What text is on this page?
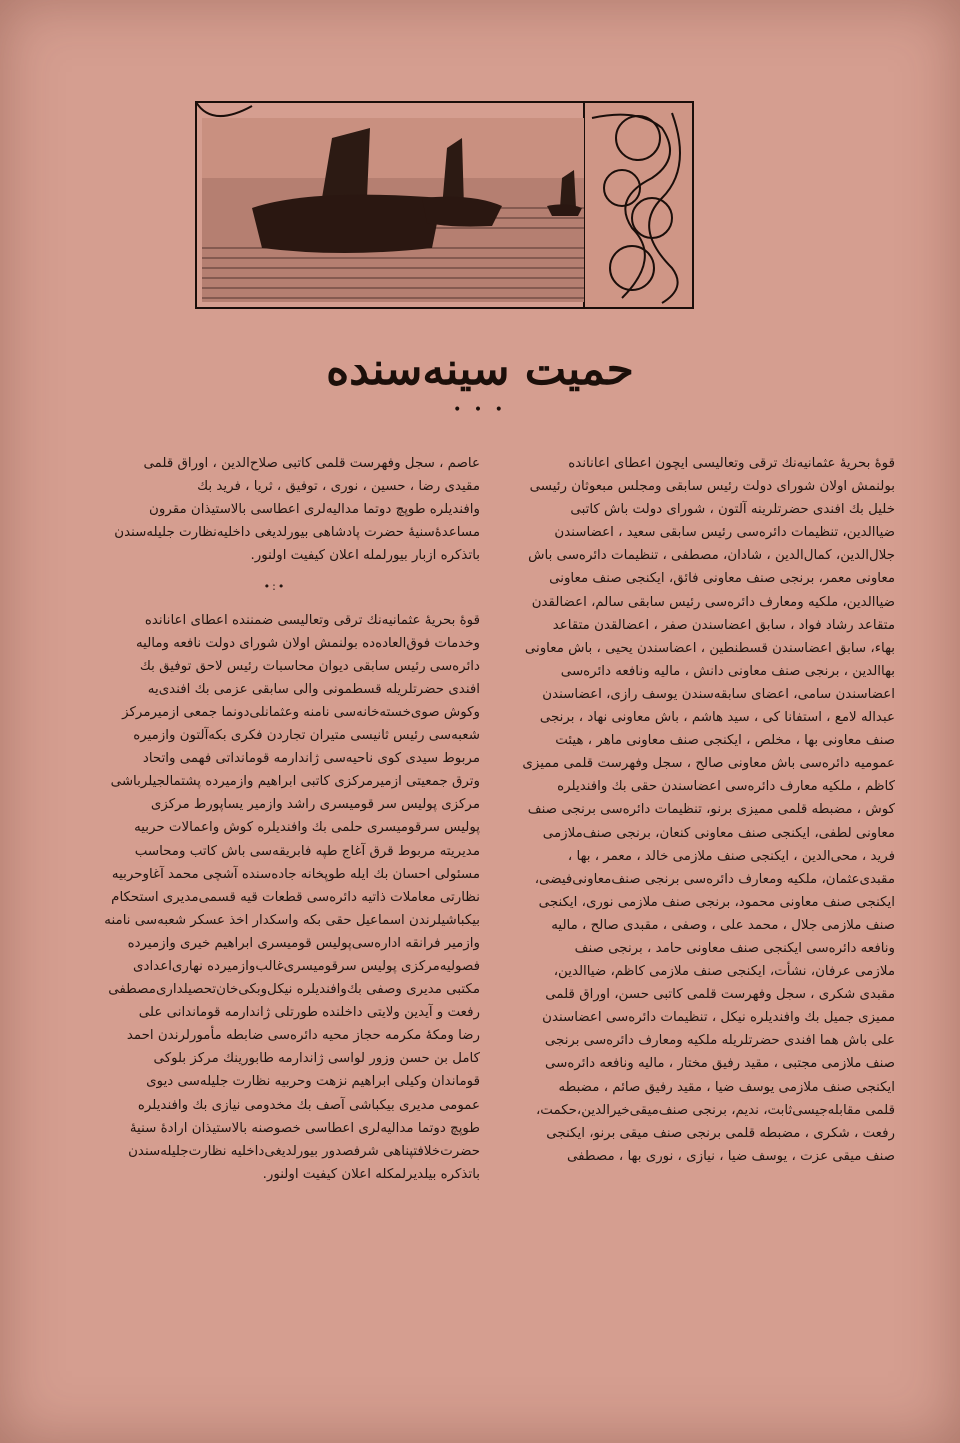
حمیت سینه‌سنده
• • •

قوهٔ بحریهٔ عثمانیه‌نك ترقی وتعالیسی ایچون اعطای اعانانده

بولنمش اولان شورای دولت رئیس سابقی ومجلس مبعوثان رئیسی

خلیل بك افندی حضرتلرینه آلتون ، شورای دولت باش كاتبی

ضیاالدین، تنظیمات دائره‌سی رئیس سابقی سعید ، اعضاسندن

جلال‌الدین، كمال‌الدین ، شادان، مصطفی ، تنظیمات دائره‌سی باش

معاونی معمر، برنجی صنف معاونی فائق، ایكنجی صنف معاونی

ضیاالدین، ملكیه ومعارف دائره‌سی رئیس سابقی سالم، اعضالقدن

متقاعد رشاد فواد ، سابق اعضاسندن صفر ، اعضالقدن متقاعد

بهاء، سابق اعضاسندن قسطنطین ، اعضاسندن یحیی ، باش معاونی

بهاالدین ، برنجی صنف معاونی دانش ، مالیه ونافعه دائره‌سی

اعضاسندن سامی، اعضای سابقه‌سندن یوسف رازی، اعضاسندن

عبداله لامع ، استفانا كی ، سید هاشم ، باش معاونی نهاد ، برنجی

صنف معاونی بها ، مخلص ، ایكنجی صنف معاونی ماهر ، هیئت

عمومیه دائره‌سی باش معاونی صالح ، سجل وفهرست قلمی ممیزی

كاظم ، ملكیه معارف دائره‌سی اعضاسندن حقی بك وافندیلره

كوش ، مضبطه قلمی ممیزی برنو، تنظیمات دائره‌سی برنجی صنف

معاونی لطفی، ایكنجی صنف معاونی كنعان، برنجی صنف‌ملازمی

فرید ، محی‌الدین ، ایكنجی صنف ملازمی خالد ، معمر ، بها ،

مقبدی‌عثمان، ملكیه ومعارف دائره‌سی برنجی صنف‌معاونی‌فیضی،

ایكنجی صنف معاونی محمود، برنجی صنف ملازمی نوری، ایكنجی

صنف ملازمی جلال ، محمد علی ، وصفی ، مقبدی صالح ، مالیه

ونافعه دائره‌سی ایكنجی صنف معاونی حامد ، برنجی صنف

ملازمی عرفان، نشأت، ایكنجی صنف ملازمی كاظم، ضیاالدین،

مقبدی شكری ، سجل وفهرست قلمی كاتبی حسن، اوراق قلمی

ممیزی جمیل بك وافندیلره نیكل ، تنظیمات دائره‌سی اعضاسندن

علی باش هما افندی حضرتلریله ملكیه ومعارف دائره‌سی برنجی

صنف ملازمی مجتبی ، مقید رفیق مختار ، مالیه ونافعه دائره‌سی

ایكنجی صنف ملازمی یوسف ضیا ، مقید رفیق صائم ، مضبطه

قلمی مقابله‌جیسی‌ثابت، ندیم، برنجی صنف‌میقی‌خیرالدین،حكمت،

رفعت ، شكری ، مضبطه قلمی برنجی صنف میقی برنو، ایكنجی

صنف میقی عزت ، یوسف ضیا ، نیازی ، نوری بها ، مصطفی

عاصم ، سجل وفهرست قلمی كاتبی صلاح‌الدین ، اوراق قلمی

مقیدی رضا ، حسین ، نوری ، توفیق ، ثریا ، فرید بك

وافندیلره طوپچ دوتما مدالیه‌لری اعطاسی بالاستیذان مقرون

مساعدهٔ‌سنیهٔ حضرت پادشاهی بیورلدیغی داخلیه‌نظارت جلیله‌سندن

باتذكره ازبار بیورلمله اعلان كیفیت اولنور.

•:•

قوهٔ بحریهٔ عثمانیه‌نك ترقی وتعالیسی ضمننده اعطای اعانانده

وخدمات فوق‌العاده‌ده بولنمش اولان شورای دولت نافعه ومالیه

دائره‌سی رئیس سابقی دیوان محاسبات رئیس لاحق توفیق بك

افندی حضرتلریله قسطمونی والی سابقی عزمی بك افندی‌یه

وكوش صوی‌خسته‌خانه‌سی نامنه وعثمانلی‌دونما جمعی ازمیرمركز

شعبه‌سی رئیس ثانیسی متیران تجاردن فكری بكه‌آلتون وازمیره

مربوط سیدی كوی ناحیه‌سی ژاندارمه قومانداتی فهمی واتحاد

وترق جمعیتی ازمیرمركزی كاتبی ابراهیم وازمیرده پشتمالجیلرباشی

مركزی پولیس سر قومیسری راشد وازمیر یساپورط مركزی

پولیس سرقومیسری حلمی بك وافندیلره كوش واعمالات حربیه

مدیریته مربوط قرق آغاج طپه فابریقه‌سی باش كاتب ومحاسب

مسئولی احسان بك ایله طوپخانه جاده‌سنده آشچی محمد آغاوحربیه

نظارتی معاملات ذاتیه دائره‌سی قطعات قیه قسمی‌مدیری استحكام

بیكباشیلرندن اسماعیل حقی بكه واسكدار اخذ عسكر شعبه‌سی نامنه

وازمیر فرانقه اداره‌سی‌پولیس قومیسری ابراهیم خیری وازمیرده

فصولیه‌مركزی پولیس سرقومیسری‌غالب‌وازمیرده نهاری‌اعدادی

مكتبی مدیری وصفی بك‌وافندیلره نیكل‌وبكی‌خان‌تحصیلداری‌مصطفی

رفعت و آیدین ولایتی داخلنده طورتلی ژاندارمه قوماندانی علی

رضا ومكهٔ مكرمه حجاز محیه دائره‌سی ضابطه مأمورلرندن احمد

كامل بن حسن وزور لواسی ژاندارمه طابورینك مركز بلوكی

قوماندان وكیلی ابراهیم نزهت وحربیه نظارت جلیله‌سی دیوی

عمومی مدیری بیكباشی آصف بك مخدومی نیازی بك وافندیلره

طوپچ دوتما مدالیه‌لری اعطاسی خصوصنه بالاستیذان ارادهٔ سنیهٔ

حضرت‌خلافتپناهی شرفصدور بیورلدیغی‌داخلیه نظارت‌جلیله‌سندن

باتذكره بیلدیرلمكله اعلان كیفیت اولنور.
